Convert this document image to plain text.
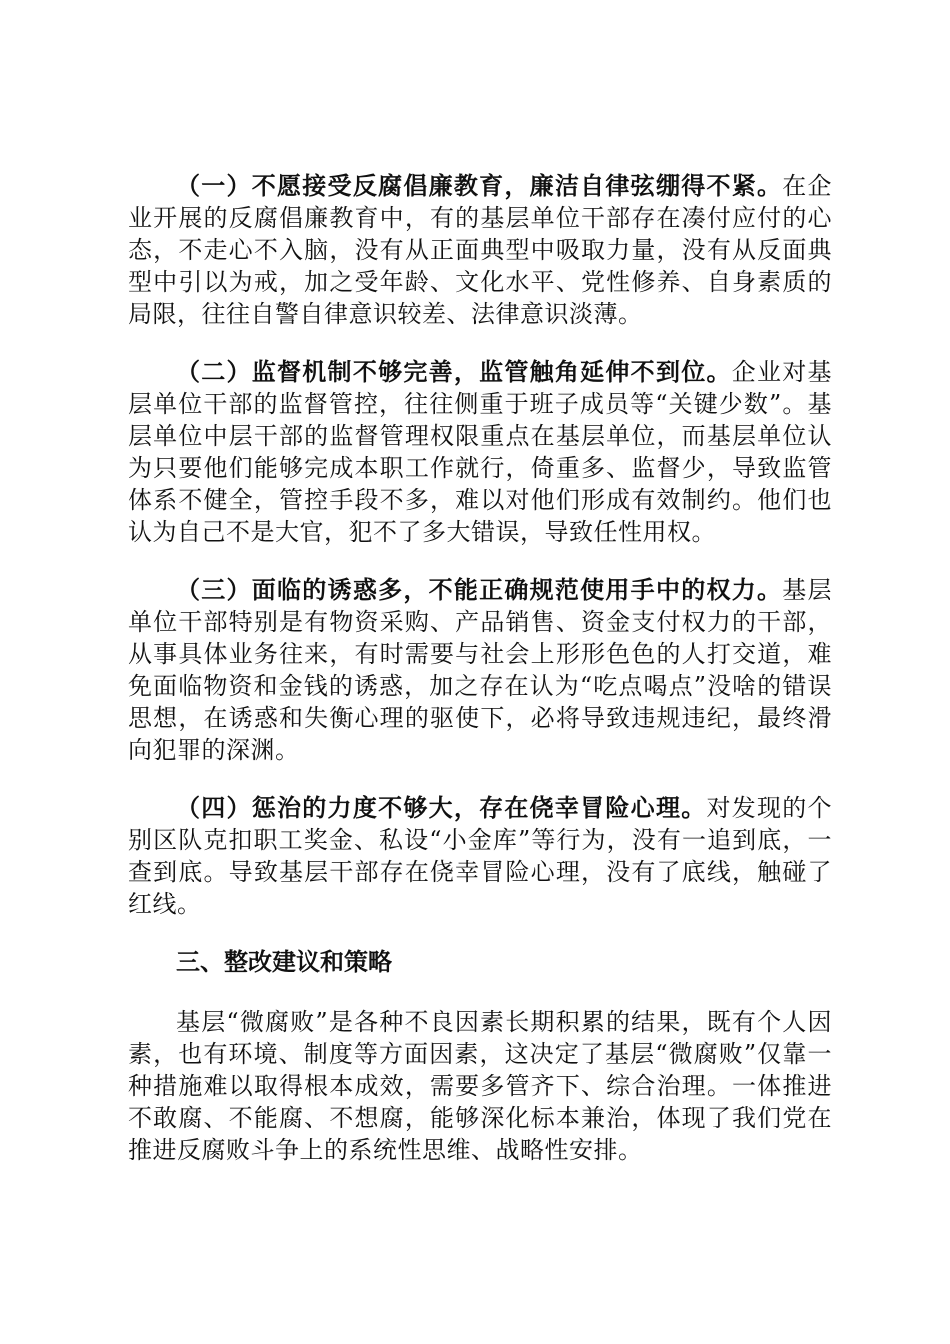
（一）不愿接受反腐倡廉教育，廉洁自律弦绷得不紧。在企业开展的反腐倡廉教育中，有的基层单位干部存在凑付应付的心态，不走心不入脑，没有从正面典型中吸取力量，没有从反面典型中引以为戒，加之受年龄、文化水平、党性修养、自身素质的局限，往往自警自律意识较差、法律意识淡薄。

（二）监督机制不够完善，监管触角延伸不到位。企业对基层单位干部的监督管控，往往侧重于班子成员等“关键少数”。基层单位中层干部的监督管理权限重点在基层单位，而基层单位认为只要他们能够完成本职工作就行，倚重多、监督少，导致监管体系不健全，管控手段不多，难以对他们形成有效制约。他们也认为自己不是大官，犯不了多大错误，导致任性用权。

（三）面临的诱惑多，不能正确规范使用手中的权力。基层单位干部特别是有物资采购、产品销售、资金支付权力的干部，从事具体业务往来，有时需要与社会上形形色色的人打交道，难免面临物资和金钱的诱惑，加之存在认为“吃点喝点”没啥的错误思想，在诱惑和失衡心理的驱使下，必将导致违规违纪，最终滑向犯罪的深渊。

（四）惩治的力度不够大，存在侥幸冒险心理。对发现的个别区队克扣职工奖金、私设“小金库”等行为，没有一追到底，一查到底。导致基层干部存在侥幸冒险心理，没有了底线，触碰了红线。

三、整改建议和策略

基层“微腐败”是各种不良因素长期积累的结果，既有个人因素，也有环境、制度等方面因素，这决定了基层“微腐败”仅靠一种措施难以取得根本成效，需要多管齐下、综合治理。一体推进不敢腐、不能腐、不想腐，能够深化标本兼治，体现了我们党在推进反腐败斗争上的系统性思维、战略性安排。
